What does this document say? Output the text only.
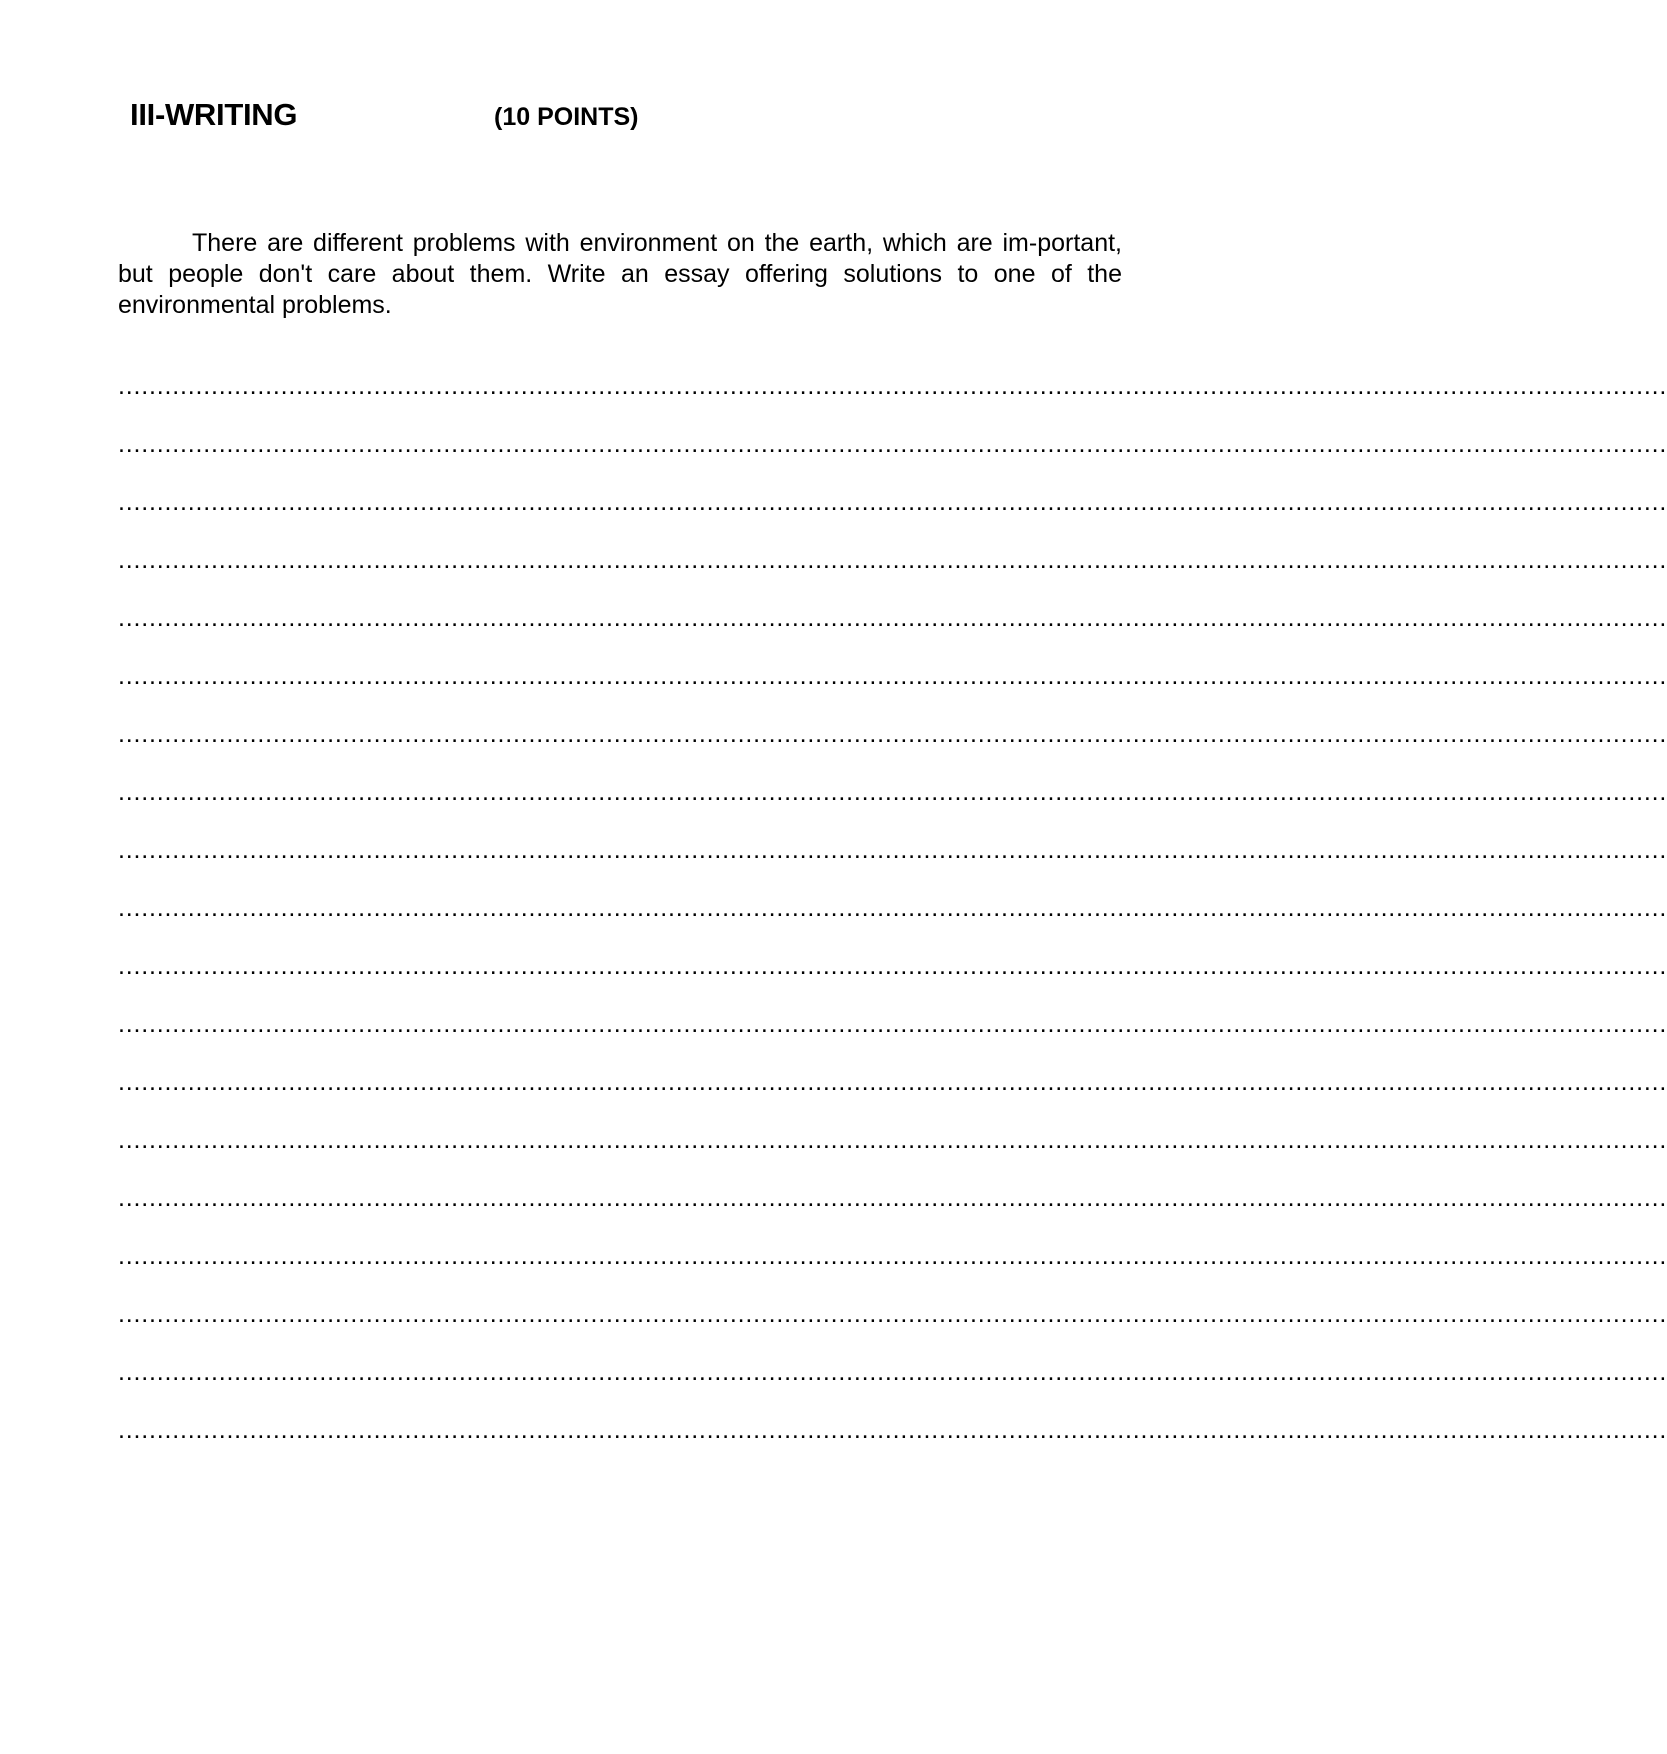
III-WRITING	(10 POINTS)

There are different problems with environment on the earth, which are im-portant, but people don't care about them. Write an essay offering solutions to one of the environmental problems.

........................................................................................................................................................................................................
........................................................................................................................................................................................................
........................................................................................................................................................................................................
........................................................................................................................................................................................................
........................................................................................................................................................................................................
........................................................................................................................................................................................................
........................................................................................................................................................................................................
........................................................................................................................................................................................................
........................................................................................................................................................................................................
........................................................................................................................................................................................................
........................................................................................................................................................................................................
........................................................................................................................................................................................................
........................................................................................................................................................................................................
........................................................................................................................................................................................................
........................................................................................................................................................................................................
........................................................................................................................................................................................................
........................................................................................................................................................................................................
........................................................................................................................................................................................................
........................................................................................................................................................................................................
